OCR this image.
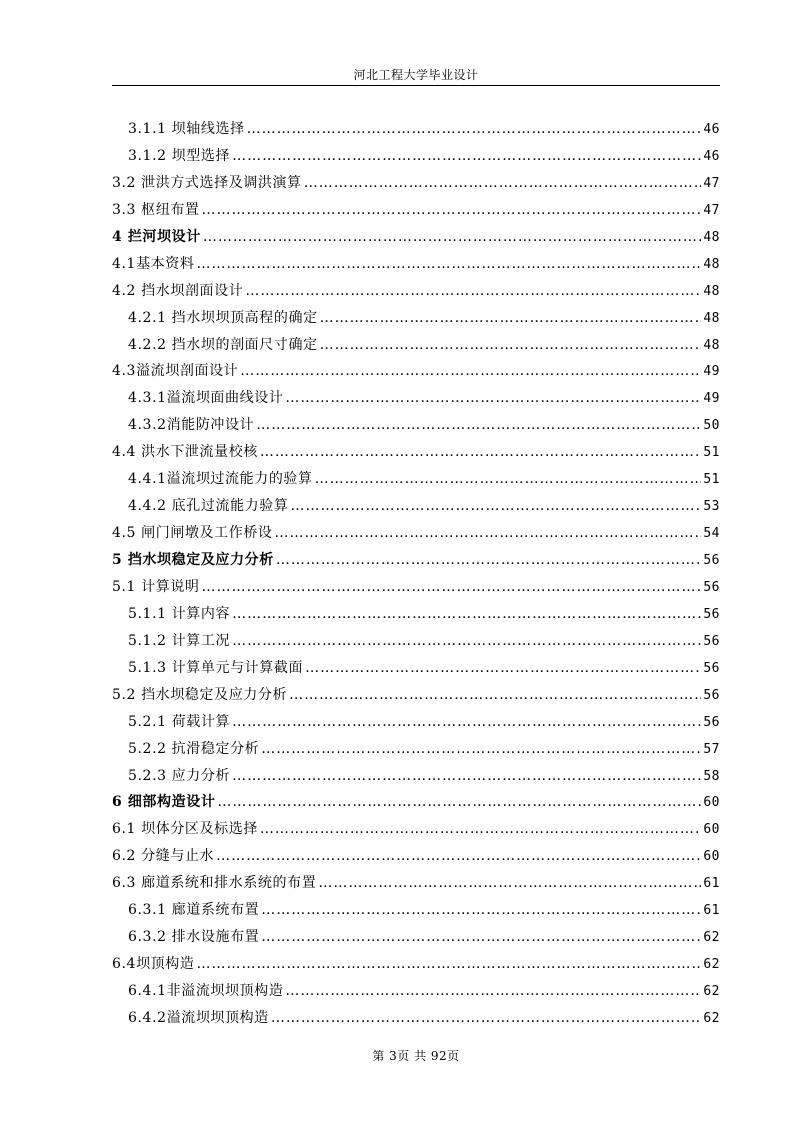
河北工程大学毕业设计
3.1.1 坝轴线选择 …………………………………………………………………………………………………………………………………………………	46
3.1.2 坝型选择 …………………………………………………………………………………………………………………………………………………	46
3.2 泄洪方式选择及调洪演算 …………………………………………………………………………………………………………………………………………………	47
3.3 枢纽布置 …………………………………………………………………………………………………………………………………………………	47
4 拦河坝设计 …………………………………………………………………………………………………………………………………………………	48
4.1基本资料 …………………………………………………………………………………………………………………………………………………	48
4.2 挡水坝剖面设计 …………………………………………………………………………………………………………………………………………………	48
4.2.1 挡水坝坝顶高程的确定 …………………………………………………………………………………………………………………………………………………	48
4.2.2 挡水坝的剖面尺寸确定 …………………………………………………………………………………………………………………………………………………	48
4.3溢流坝剖面设计 …………………………………………………………………………………………………………………………………………………	49
4.3.1溢流坝面曲线设计 …………………………………………………………………………………………………………………………………………………	49
4.3.2消能防冲设计 …………………………………………………………………………………………………………………………………………………	50
4.4 洪水下泄流量校核 …………………………………………………………………………………………………………………………………………………	51
4.4.1溢流坝过流能力的验算 …………………………………………………………………………………………………………………………………………………	51
4.4.2 底孔过流能力验算 …………………………………………………………………………………………………………………………………………………	53
4.5 闸门闸墩及工作桥设 …………………………………………………………………………………………………………………………………………………	54
5 挡水坝稳定及应力分析 …………………………………………………………………………………………………………………………………………………	56
5.1 计算说明 …………………………………………………………………………………………………………………………………………………	56
5.1.1 计算内容 …………………………………………………………………………………………………………………………………………………	56
5.1.2 计算工况 …………………………………………………………………………………………………………………………………………………	56
5.1.3 计算单元与计算截面 …………………………………………………………………………………………………………………………………………………	56
5.2 挡水坝稳定及应力分析 …………………………………………………………………………………………………………………………………………………	56
5.2.1 荷载计算 …………………………………………………………………………………………………………………………………………………	56
5.2.2 抗滑稳定分析 …………………………………………………………………………………………………………………………………………………	57
5.2.3 应力分析 …………………………………………………………………………………………………………………………………………………	58
6 细部构造设计 …………………………………………………………………………………………………………………………………………………	60
6.1 坝体分区及标选择 …………………………………………………………………………………………………………………………………………………	60
6.2 分缝与止水 …………………………………………………………………………………………………………………………………………………	60
6.3 廊道系统和排水系统的布置 …………………………………………………………………………………………………………………………………………………	61
6.3.1 廊道系统布置 …………………………………………………………………………………………………………………………………………………	61
6.3.2 排水设施布置 …………………………………………………………………………………………………………………………………………………	62
6.4坝顶构造 …………………………………………………………………………………………………………………………………………………	62
6.4.1非溢流坝坝顶构造 …………………………………………………………………………………………………………………………………………………	62
6.4.2溢流坝坝顶构造 …………………………………………………………………………………………………………………………………………………	62
第 3页 共 92页
